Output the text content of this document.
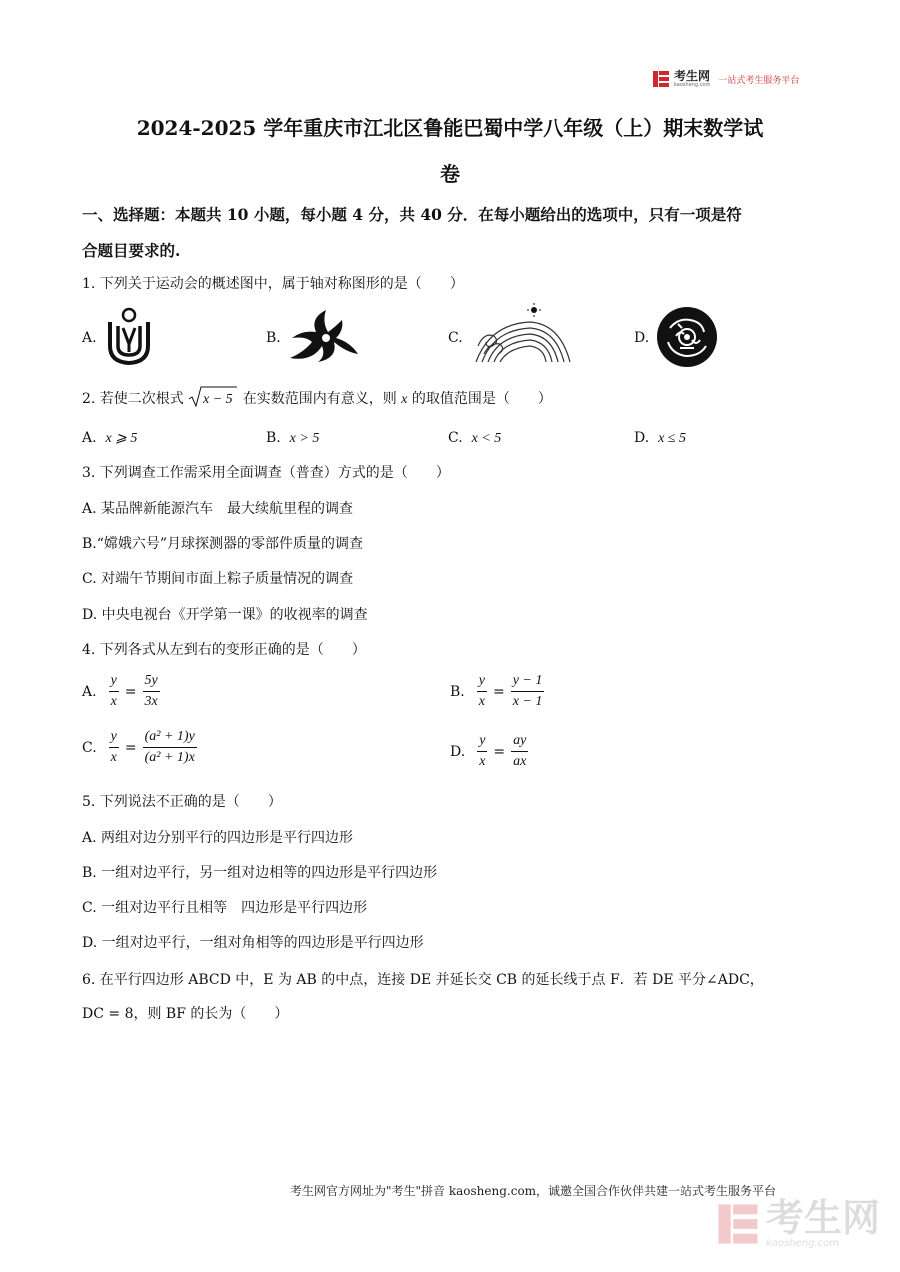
考生网
kaosheng.com 一站式考生服务平台
2024-2025 学年重庆市江北区鲁能巴蜀中学八年级（上）期末数学试
卷
一、选择题：本题共 10 小题，每小题 4 分，共 40 分．在每小题给出的选项中，只有一项是符
合题目要求的.
1. 下列关于运动会的概述图中，属于轴对称图形的是（ ）
A.	B.	C.	D.
2. 若使二次根式 x − 5 在实数范围内有意义，则 x 的取值范围是（ ）
A. x ⩾ 5	B. x > 5	C. x < 5	D. x ≤ 5
3. 下列调查工作需采用全面调查（普查）方式的是（ ）
A. 某品牌新能源汽车　最大续航里程的调查
B.“嫦娥六号”月球探测器的零部件质量的调查
C. 对端午节期间市面上粽子质量情况的调查
D. 中央电视台《开学第一课》的收视率的调查
4. 下列各式从左到右的变形正确的是（ ）
A. $\frac{y}{x} = \frac{5y}{3x}$	B. $\frac{y}{x} = \frac{y - 1}{x - 1}$
C. $\frac{y}{x} = \frac{\text{(a² + 1)y}}{\text{(a² + 1)x}}$	D. $\frac{y}{x} = \frac{ay}{ax}$
5. 下列说法不正确的是（ ）
A. 两组对边分别平行的四边形是平行四边形
B. 一组对边平行，另一组对边相等的四边形是平行四边形
C. 一组对边平行且相等　四边形是平行四边形
D. 一组对边平行，一组对角相等的四边形是平行四边形
6. 在平行四边形 ABCD 中，E 为 AB 的中点，连接 DE 并延长交 CB 的延长线于点 F．若 DE 平分∠ADC，
DC = 8，则 BF 的长为（ ）
考生网官方网址为"考生"拼音 kaosheng.com，诚邀全国合作伙伴共建一站式考生服务平台
考生网
kaosheng.com
